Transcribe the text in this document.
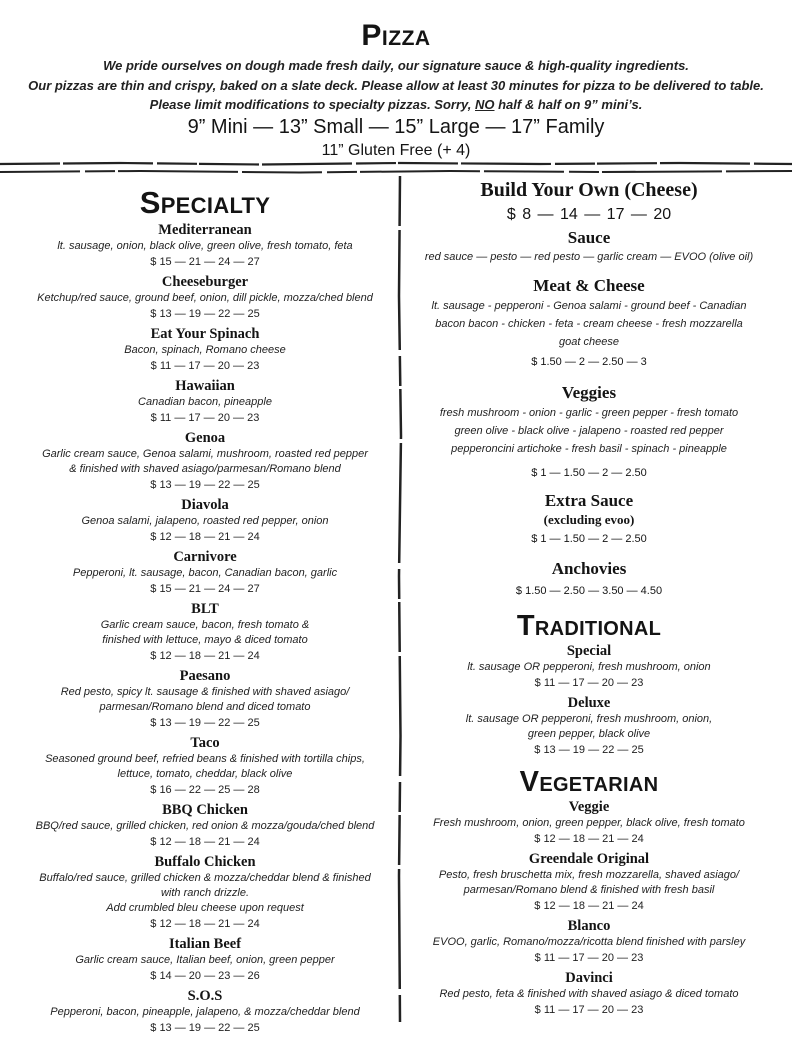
Pizza
We pride ourselves on dough made fresh daily, our signature sauce & high-quality ingredients.
Our pizzas are thin and crispy, baked on a slate deck. Please allow at least 30 minutes for pizza to be delivered to table.
Please limit modifications to specialty pizzas. Sorry, NO half & half on 9” mini’s.
9” Mini — 13” Small — 15” Large — 17” Family
11” Gluten Free (+ 4)
Specialty
Mediterranean
lt. sausage, onion, black olive, green olive, fresh tomato, feta
$ 15 — 21 — 24 — 27
Cheeseburger
Ketchup/red sauce, ground beef, onion, dill pickle, mozza/ched blend
$ 13 — 19 — 22 — 25
Eat Your Spinach
Bacon, spinach, Romano cheese
$ 11 — 17 — 20 — 23
Hawaiian
Canadian bacon, pineapple
$ 11 — 17 — 20 — 23
Genoa
Garlic cream sauce, Genoa salami, mushroom, roasted red pepper
& finished with shaved asiago/parmesan/Romano blend
$ 13 — 19 — 22 — 25
Diavola
Genoa salami, jalapeno, roasted red pepper, onion
$ 12 — 18 — 21 — 24
Carnivore
Pepperoni, lt. sausage, bacon, Canadian bacon, garlic
$ 15 — 21 — 24 — 27
BLT
Garlic cream sauce, bacon, fresh tomato &
finished with lettuce, mayo & diced tomato
$ 12 — 18 — 21 — 24
Paesano
Red pesto, spicy lt. sausage & finished with shaved asiago/
parmesan/Romano blend and diced tomato
$ 13 — 19 — 22 — 25
Taco
Seasoned ground beef, refried beans & finished with tortilla chips,
lettuce, tomato, cheddar, black olive
$ 16 — 22 — 25 — 28
BBQ Chicken
BBQ/red sauce, grilled chicken, red onion & mozza/gouda/ched blend
$ 12 — 18 — 21 — 24
Buffalo Chicken
Buffalo/red sauce, grilled chicken & mozza/cheddar blend & finished
with ranch drizzle.
Add crumbled bleu cheese upon request
$ 12 — 18 — 21 — 24
Italian Beef
Garlic cream sauce, Italian beef, onion, green pepper
$ 14 — 20 — 23 — 26
S.O.S
Pepperoni, bacon, pineapple, jalapeno, & mozza/cheddar blend
$ 13 — 19 — 22 — 25
Build Your Own (Cheese)
$ 8 — 14 — 17 — 20
Sauce
red sauce — pesto — red pesto — garlic cream — EVOO (olive oil)
Meat & Cheese
lt. sausage - pepperoni - Genoa salami - ground beef - Canadian
bacon bacon - chicken - feta - cream cheese - fresh mozzarella
goat cheese
$ 1.50 — 2 — 2.50 — 3
Veggies
fresh mushroom - onion - garlic - green pepper - fresh tomato
green olive - black olive - jalapeno - roasted red pepper
pepperoncini artichoke - fresh basil - spinach - pineapple
$ 1 — 1.50 — 2 — 2.50
Extra Sauce
(excluding evoo)
$ 1 — 1.50 — 2 — 2.50
Anchovies
$ 1.50 — 2.50 — 3.50 — 4.50
Traditional
Special
lt. sausage OR pepperoni, fresh mushroom, onion
$ 11 — 17 — 20 — 23
Deluxe
lt. sausage OR pepperoni, fresh mushroom, onion,
green pepper, black olive
$ 13 — 19 — 22 — 25
Vegetarian
Veggie
Fresh mushroom, onion, green pepper, black olive, fresh tomato
$ 12 — 18 — 21 — 24
Greendale Original
Pesto, fresh bruschetta mix, fresh mozzarella, shaved asiago/
parmesan/Romano blend & finished with fresh basil
$ 12 — 18 — 21 — 24
Blanco
EVOO, garlic, Romano/mozza/ricotta blend finished with parsley
$ 11 — 17 — 20 — 23
Davinci
Red pesto, feta & finished with shaved asiago & diced tomato
$ 11 — 17 — 20 — 23
